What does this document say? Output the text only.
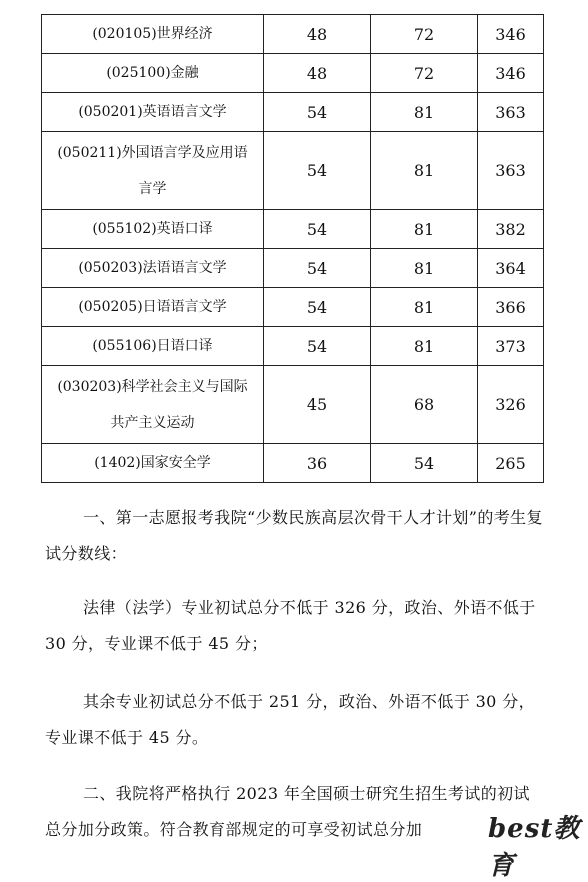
(020105)世界经济	48	72	346
(025100)金融	48	72	346
(050201)英语语言文学	54	81	363

(050211)外国语言学及应用语
言学	54	81	363
(055102)英语口译	54	81	382
(050203)法语语言文学	54	81	364
(050205)日语语言文学	54	81	366
(055106)日语口译	54	81	373

(030203)科学社会主义与国际
共产主义运动	45	68	326
(1402)国家安全学	36	54	265

一、第一志愿报考我院“少数民族高层次骨干人才计划”的考生复试分数线：

法律（法学）专业初试总分不低于 326 分，政治、外语不低于 30 分，专业课不低于 45 分；

其余专业初试总分不低于 251 分，政治、外语不低于 30 分，专业课不低于 45 分。

二、我院将严格执行 2023 年全国硕士研究生招生考试的初试总分加分政策。符合教育部规定的可享受初试总分加	best教育
